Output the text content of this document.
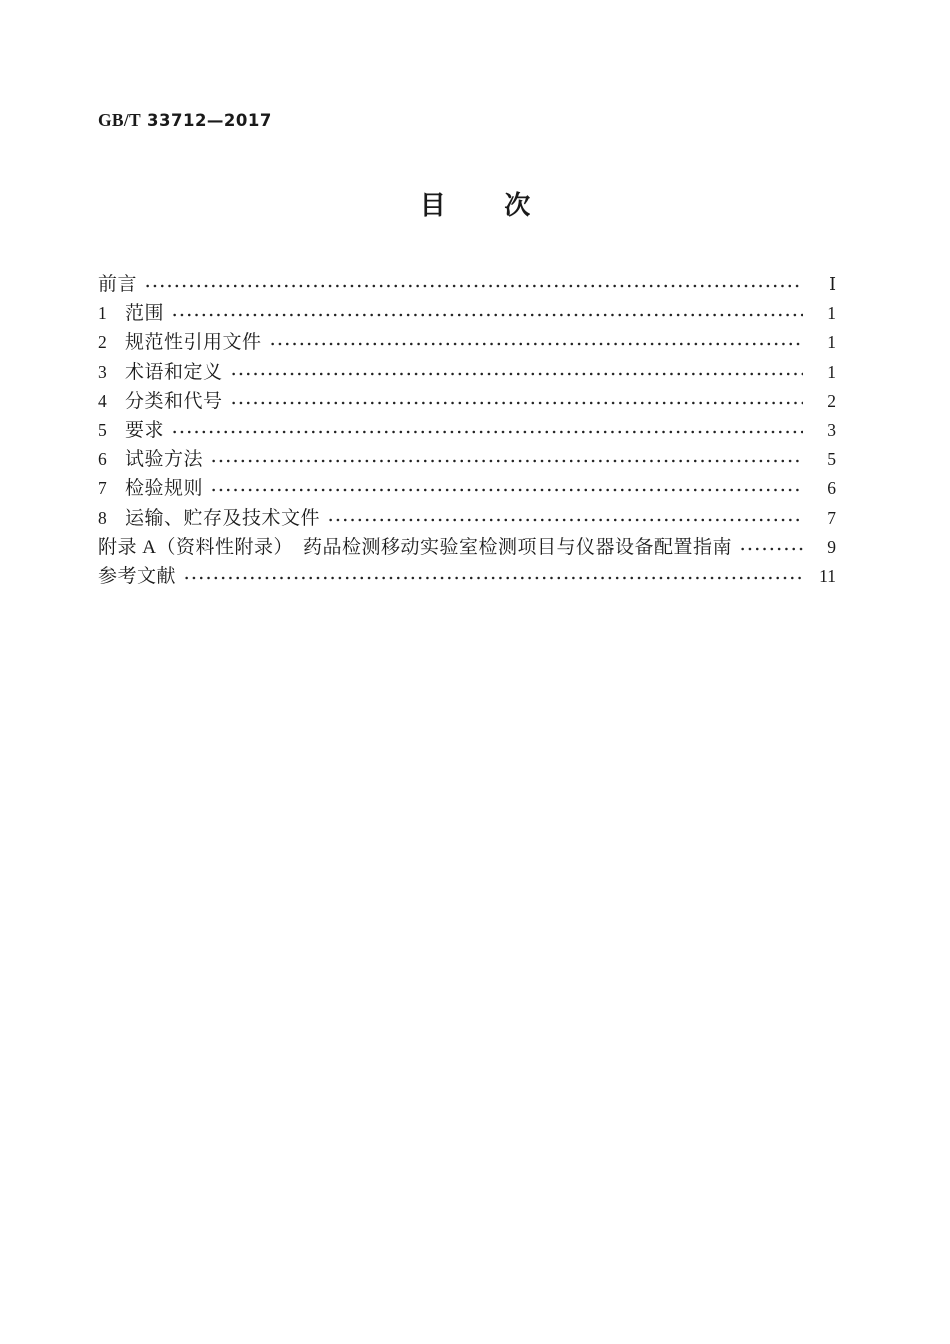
GB/T 33712—2017
目 次
前言	Ⅰ
1 范围	1
2 规范性引用文件	1
3 术语和定义	1
4 分类和代号	2
5 要求	3
6 试验方法	5
7 检验规则	6
8 运输、贮存及技术文件	7
附录 A（资料性附录）　药品检测移动实验室检测项目与仪器设备配置指南	9
参考文献	11
